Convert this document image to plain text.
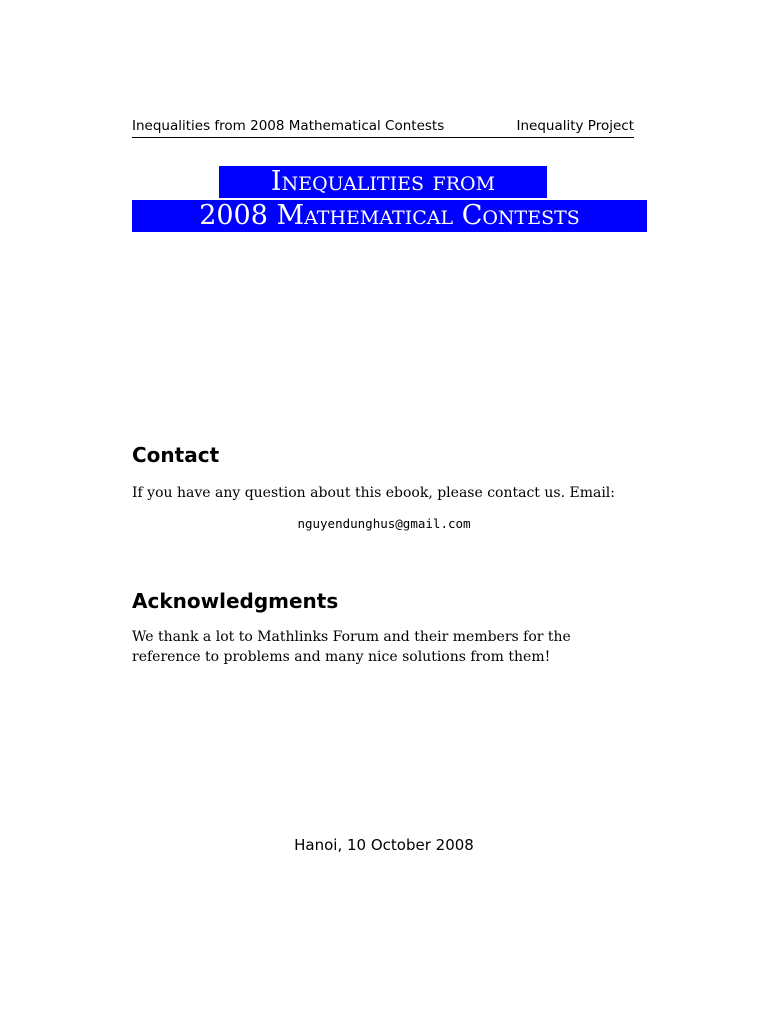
Inequalities from 2008 Mathematical Contests	Inequality Project
Inequalities from
2008 Mathematical Contests
Contact
If you have any question about this ebook, please contact us. Email:
nguyendunghus@gmail.com
Acknowledgments
We thank a lot to Mathlinks Forum and their members for the reference to problems and many nice solutions from them!
Hanoi, 10 October 2008
